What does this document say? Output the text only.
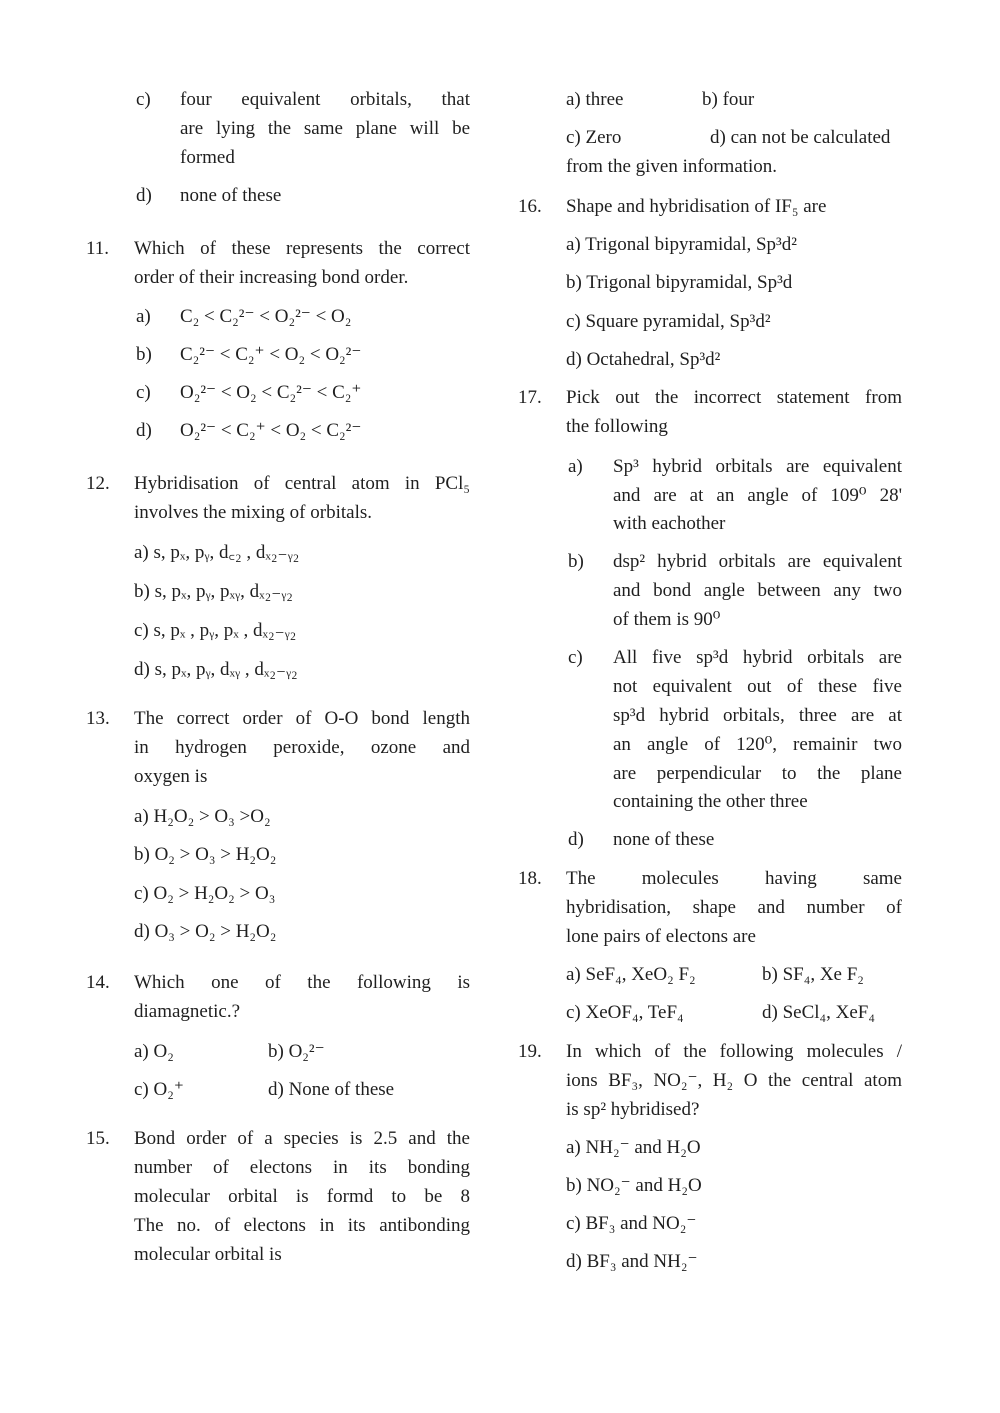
c) four equivalent orbitals, that
are lying the same plane will be
formed
d) none of these
11. Which of these represents the correct
order of their increasing bond order.
a) C₂ < C₂²⁻ < O₂²⁻ < O₂
b) C₂²⁻ < C₂⁺ < O₂ < O₂²⁻
c) O₂²⁻ < O₂ < C₂²⁻ < C₂⁺
d) O₂²⁻ < C₂⁺ < O₂ < C₂²⁻
12. Hybridisation of central atom in PCl₅
involves the mixing of orbitals.
a) s, pₓ, pᵧ, d꜀₂ , dₓ₂₋ᵧ₂
b) s, pₓ, pᵧ, pₓᵧ, dₓ₂₋ᵧ₂
c) s, pₓ , pᵧ, pₓ , dₓ₂₋ᵧ₂
d) s, pₓ, pᵧ, dₓᵧ , dₓ₂₋ᵧ₂
13. The correct order of O-O bond length
in hydrogen peroxide, ozone and
oxygen is
a) H₂O₂ > O₃ >O₂
b) O₂ > O₃ > H₂O₂
c) O₂ > H₂O₂ > O₃
d) O₃ > O₂ > H₂O₂
14. Which one of the following is
diamagnetic.?
a) O₂	b) O₂²⁻
c) O₂⁺	d) None of these
15. Bond order of a species is 2.5 and the
number of electons in its bonding
molecular orbital is formd to be 8
The no. of electons in its antibonding
molecular orbital is
a) three	b) four
c) Zero	d) can not be calculated
from the given information.
16. Shape and hybridisation of IF₅ are
a) Trigonal bipyramidal, Sp³d²
b) Trigonal bipyramidal, Sp³d
c) Square pyramidal, Sp³d²
d) Octahedral, Sp³d²
17. Pick out the incorrect statement from
the following
a) Sp³ hybrid orbitals are equivalent
and are at an angle of 109⁰ 28'
with eachother
b) dsp² hybrid orbitals are equivalent
and bond angle between any two
of them is 90⁰
c) All five sp³d hybrid orbitals are
not equivalent out of these five
sp³d hybrid orbitals, three are at
an angle of 120⁰, remainir two
are perpendicular to the plane
containing the other three
d) none of these
18. The molecules having same
hybridisation, shape and number of
lone pairs of electons are
a) SeF₄, XeO₂ F₂	b) SF₄, Xe F₂
c) XeOF₄, TeF₄	d) SeCl₄, XeF₄
19. In which of the following molecules /
ions BF₃, NO₂⁻, H₂ O the central atom
is sp² hybridised?
a) NH₂⁻ and H₂O
b) NO₂⁻ and H₂O
c) BF₃ and NO₂⁻
d) BF₃ and NH₂⁻
